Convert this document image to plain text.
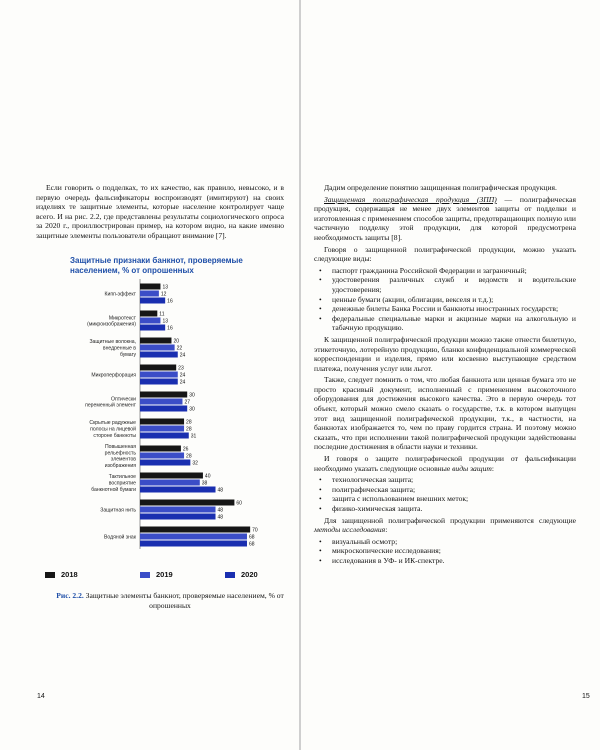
Если говорить о подделках, то их качество, как правило, невысоко, и в первую очередь фальсификаторы воспроизводят (имитируют) на своих изделиях те защитные элементы, которые население контролирует чаще всего. И на рис. 2.2, где представлены результаты социологического опроса за 2020 г., проиллюстрирован пример, на котором видно, на какие именно защитные элементы пользователи обращают внимание [7].

Защитные признаки банкнот, проверяемые населением, % от опрошенных
Кипп-эффект
13
12
16
Микротекст (микроизображения)
11
13
16
Защитные волокна, внедренные в бумагу
20
22
24
Микроперфорация
23
24
24
Оптически переменный элемент
30
27
30
Скрытые радужные полосы на лицевой стороне банкноты
28
28
31
Повышенная рельефность элементов изображения
26
28
32
Тактильное восприятие банкнотной бумаги
40
38
48
Защитная нить
60
48
48
Водяной знак
70
68
68
2018	2019	2020
Рис. 2.2. Защитные элементы банкнот, проверяемые населением, % от опрошенных
14

Дадим определение понятию защищенная полиграфическая продукция.

Защищенная полиграфическая продукция (ЗПП) — полиграфическая продукция, содержащая не менее двух элементов защиты от подделки и изготовленная с применением способов защиты, предотвращающих полную или частичную подделку этой продукции, для которой предусмотрена необходимость защиты [8].

Говоря о защищенной полиграфической продукции, можно указать следующие виды:

• паспорт гражданина Российской Федерации и заграничный;
• удостоверения различных служб и ведомств и водительские удостоверения;
• ценные бумаги (акции, облигации, векселя и т.д.);
• денежные билеты Банка России и банкноты иностранных государств;
• федеральные специальные марки и акцизные марки на алкогольную и табачную продукцию.

К защищенной полиграфической продукции можно также отнести билетную, этикеточную, лотерейную продукцию, бланки конфиденциальной коммерческой корреспонденции и изделия, прямо или косвенно выступающие средством платежа, получения услуг или льгот.

Также, следует помнить о том, что любая банкнота или ценная бумага это не просто красивый документ, исполненный с применением высокоточного оборудования для достижения высокого качества. Это в первую очередь тот объект, который можно смело сказать о государстве, т.к. в котором выпущен этот вид защищенной полиграфической продукции, т.к., в частности, на банкнотах изображается то, чем по праву гордится страна. И поэтому можно сказать, что при исполнении такой полиграфической продукции задействованы последние достижения в области науки и техники.

И говоря о защите полиграфической продукции от фальсификации необходимо указать следующие основные виды защит:

• технологическая защита;
• полиграфическая защита;
• защита с использованием внешних меток;
• физико-химическая защита.

Для защищенной полиграфической продукции применяются следующие методы исследования:

• визуальный осмотр;
• микроскопические исследования;
• исследования в УФ- и ИК-спектре.
15
